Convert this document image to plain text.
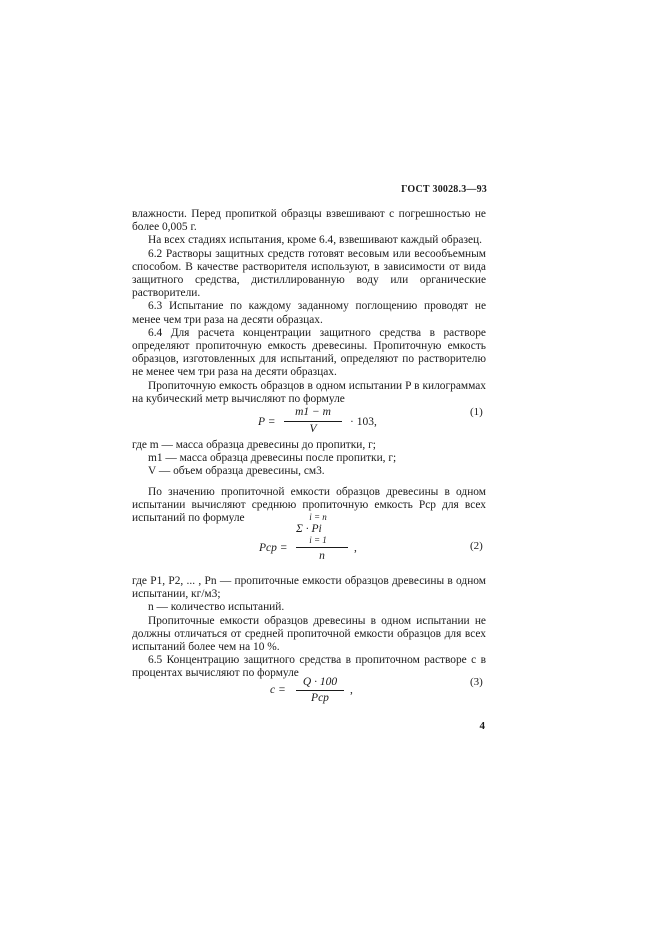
ГОСТ 30028.3—93

влажности. Перед пропиткой образцы взвешивают с погрешностью не более 0,005 г.

На всех стадиях испытания, кроме 6.4, взвешивают каждый образец.

6.2 Растворы защитных средств готовят весовым или весообъемным способом. В качестве растворителя используют, в зависимости от вида защитного средства, дистиллированную воду или органические растворители.

6.3 Испытание по каждому заданному поглощению проводят не менее чем три раза на десяти образцах.

6.4 Для расчета концентрации защитного средства в растворе определяют пропиточную емкость древесины. Пропиточную емкость образцов, изготовленных для испытаний, определяют по растворителю не менее чем три раза на десяти образцах.

Пропиточную емкость образцов в одном испытании P в килограммах на кубический метр вычисляют по формуле

P =
m1 − m
V
· 103,
(1)

где m — масса образца древесины до пропитки, г;

m1 — масса образца древесины после пропитки, г;

V — объем образца древесины, см3.

По значению пропиточной емкости образцов древесины в одном испытании вычисляют среднюю пропиточную емкость Pср для всех испытаний по формуле

Pср =
i = n
Σ · Pi
i = 1
n
,	(2)

где P1, P2, ... , Pn — пропиточные емкости образцов древесины в одном испытании, кг/м3;

n — количество испытаний.

Пропиточные емкости образцов древесины в одном испытании не должны отличаться от средней пропиточной емкости образцов для всех испытаний более чем на 10 %.

6.5 Концентрацию защитного средства в пропиточном растворе c в процентах вычисляют по формуле

c =
Q · 100
Pср
,
(3)
4
